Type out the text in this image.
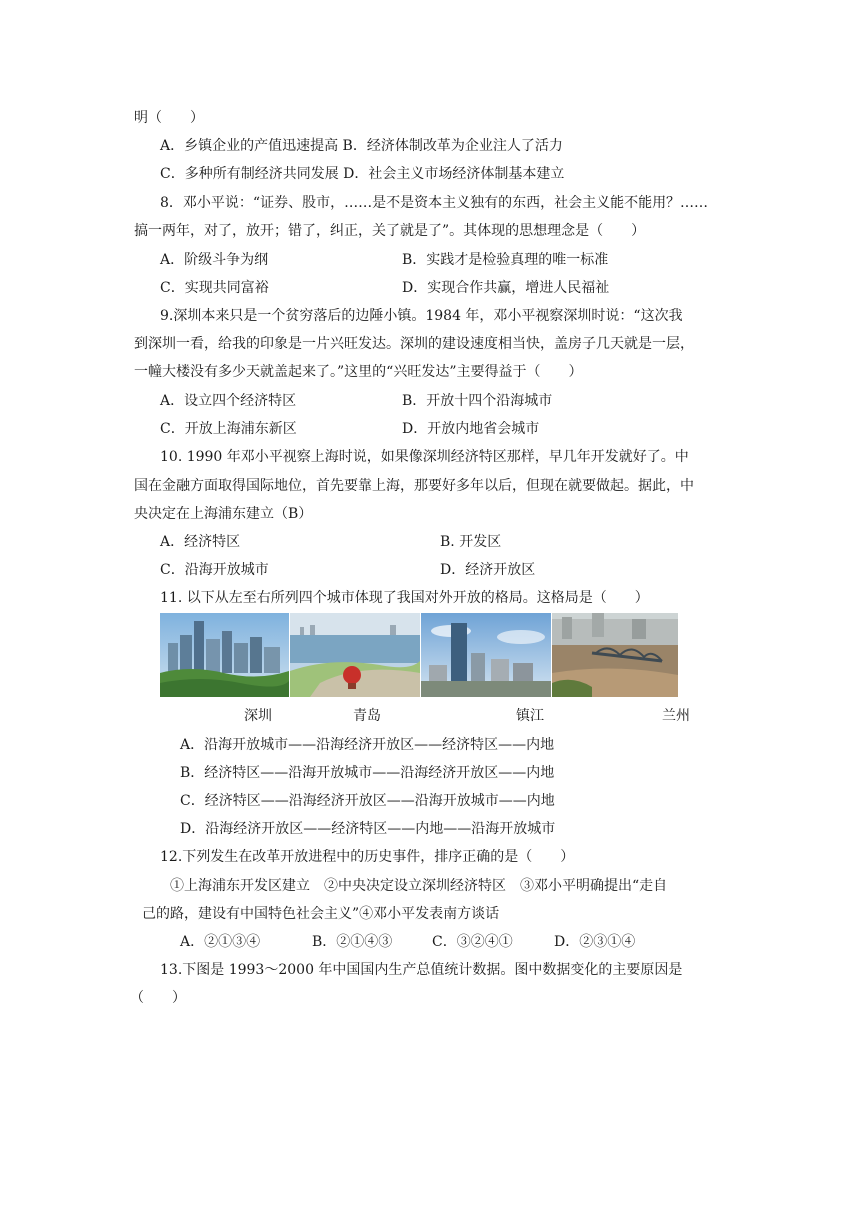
明（　　）
A．乡镇企业的产值迅速提高 B．经济体制改革为企业注人了活力
C．多种所有制经济共同发展 D．社会主义市场经济体制基本建立
8．邓小平说：“证券、股市，……是不是资本主义独有的东西，社会主义能不能用？……
搞一两年，对了，放开；错了，纠正，关了就是了”。其体现的思想理念是（　　）
A．阶级斗争为纲	B．实践才是检验真理的唯一标准
C．实现共同富裕	D．实现合作共赢，增进人民福祉
9.深圳本来只是一个贫穷落后的边陲小镇。1984 年，邓小平视察深圳时说：“这次我
到深圳一看，给我的印象是一片兴旺发达。深圳的建设速度相当快，盖房子几天就是一层，
一幢大楼没有多少天就盖起来了。”这里的“兴旺发达”主要得益于（　　）
A．设立四个经济特区	B．开放十四个沿海城市
C．开放上海浦东新区	D．开放内地省会城市
10. 1990 年邓小平视察上海时说，如果像深圳经济特区那样，早几年开发就好了。中
国在金融方面取得国际地位，首先要靠上海，那要好多年以后，但现在就要做起。据此，中
央决定在上海浦东建立（B）
A．经济特区	B. 开发区
C．沿海开放城市	D．经济开放区
11. 以下从左至右所列四个城市体现了我国对外开放的格局。这格局是（　　）
深圳	青岛	镇江	兰州
A．沿海开放城市——沿海经济开放区——经济特区——内地
B．经济特区——沿海开放城市——沿海经济开放区——内地
C．经济特区——沿海经济开放区——沿海开放城市——内地
D．沿海经济开放区——经济特区——内地——沿海开放城市
12.下列发生在改革开放进程中的历史事件，排序正确的是（　　）
①上海浦东开发区建立　②中央决定设立深圳经济特区　③邓小平明确提出“走自
己的路，建设有中国特色社会主义”④邓小平发表南方谈话
A．②①③④	B．②①④③	C．③②④①	D．②③①④
13.下图是 1993～2000 年中国国内生产总值统计数据。图中数据变化的主要原因是
（　　）
